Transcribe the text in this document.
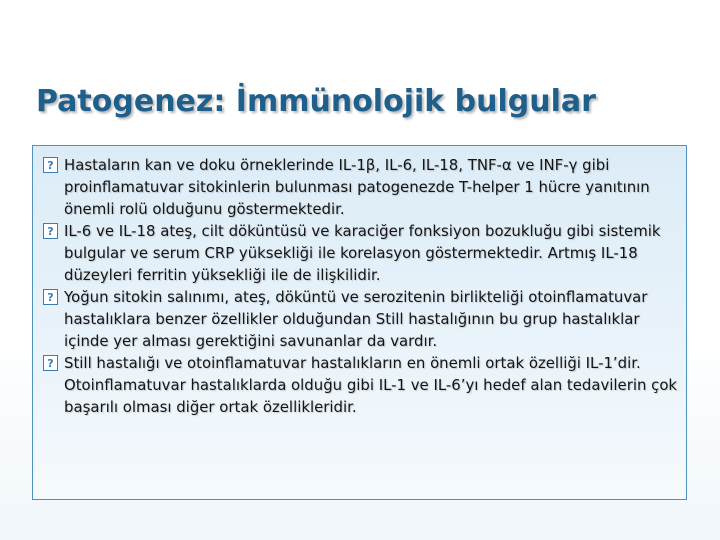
Patogenez: İmmünolojik bulgular
? Hastaların kan ve doku örneklerinde IL-1β, IL-6, IL-18, TNF-α ve INF-γ gibi proinflamatuvar sitokinlerin bulunması patogenezde T-helper 1 hücre yanıtının önemli rolü olduğunu göstermektedir.
? IL-6 ve IL-18 ateş, cilt döküntüsü ve karaciğer fonksiyon bozukluğu gibi sistemik bulgular ve serum CRP yüksekliği ile korelasyon göstermektedir. Artmış IL-18 düzeyleri ferritin yüksekliği ile de ilişkilidir.
? Yoğun sitokin salınımı, ateş, döküntü ve serozitenin birlikteliği otoinflamatuvar hastalıklara benzer özellikler olduğundan Still hastalığının bu grup hastalıklar içinde yer alması gerektiğini savunanlar da vardır.
? Still hastalığı ve otoinflamatuvar hastalıkların en önemli ortak özelliği IL-1’dir. Otoinflamatuvar hastalıklarda olduğu gibi IL-1 ve IL-6’yı hedef alan tedavilerin çok başarılı olması diğer ortak özellikleridir.
